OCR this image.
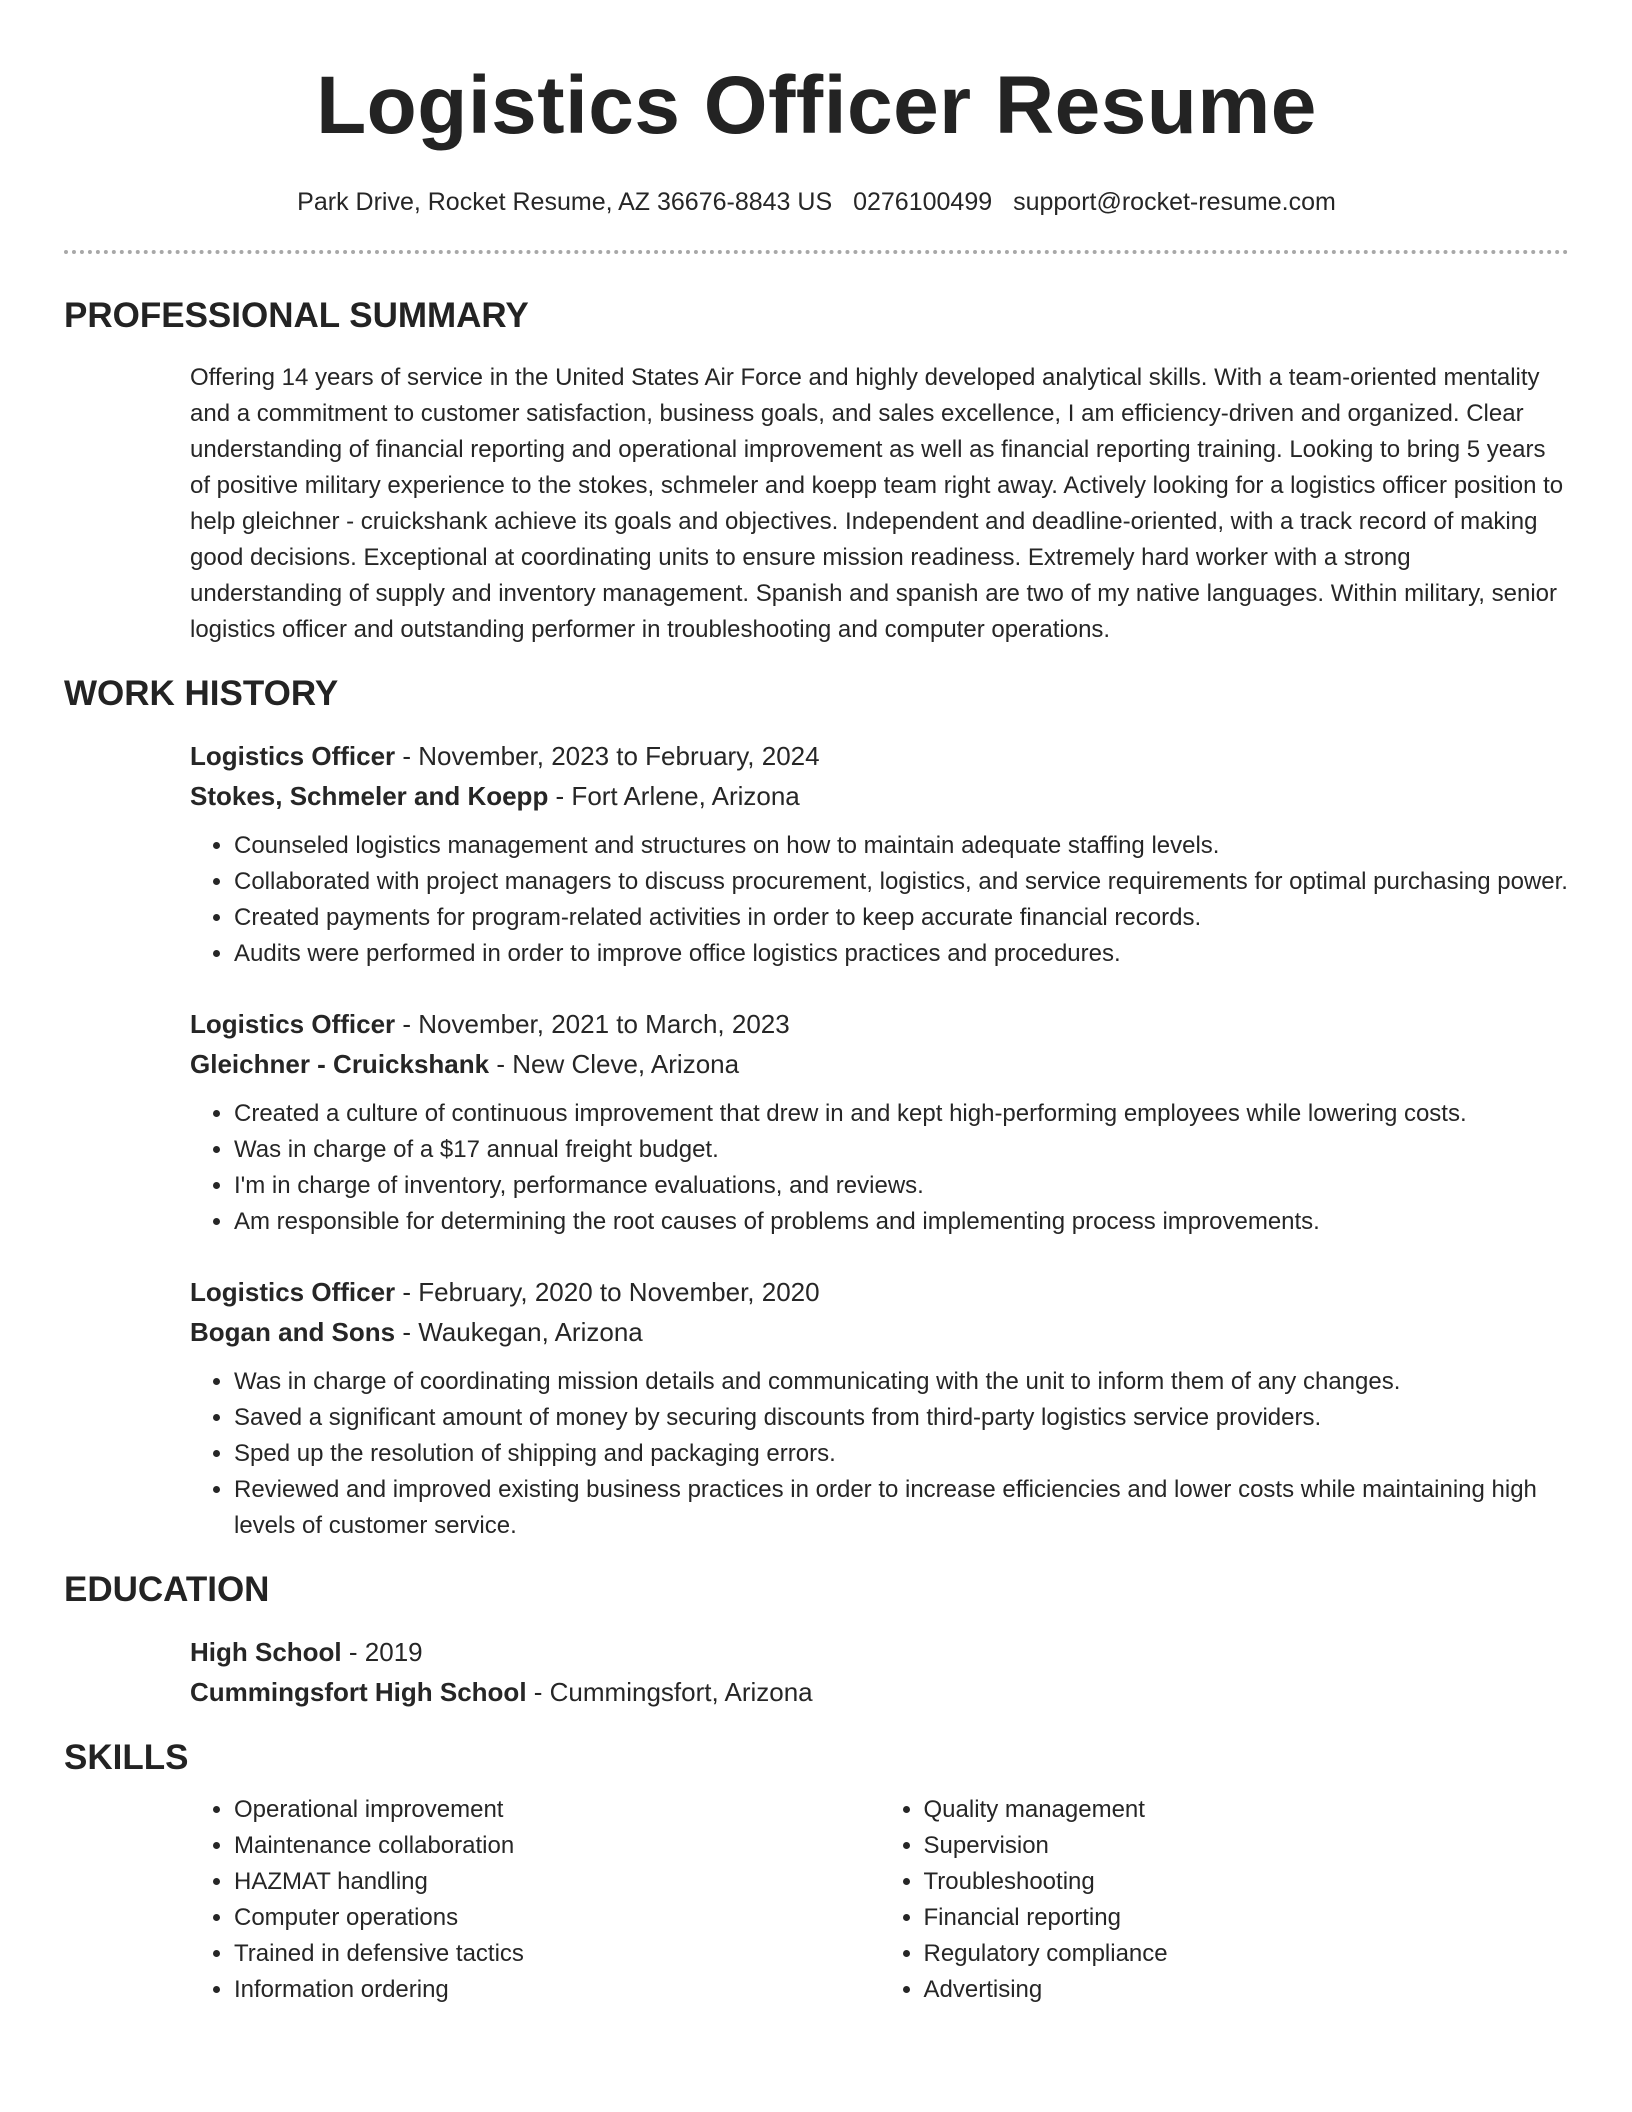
Logistics Officer Resume
Park Drive, Rocket Resume, AZ 36676-8843 US 0276100499 support@rocket-resume.com
PROFESSIONAL SUMMARY
Offering 14 years of service in the United States Air Force and highly developed analytical skills. With a team-oriented mentality and a commitment to customer satisfaction, business goals, and sales excellence, I am efficiency-driven and organized. Clear understanding of financial reporting and operational improvement as well as financial reporting training. Looking to bring 5 years of positive military experience to the stokes, schmeler and koepp team right away. Actively looking for a logistics officer position to help gleichner - cruickshank achieve its goals and objectives. Independent and deadline-oriented, with a track record of making good decisions. Exceptional at coordinating units to ensure mission readiness. Extremely hard worker with a strong understanding of supply and inventory management. Spanish and spanish are two of my native languages. Within military, senior logistics officer and outstanding performer in troubleshooting and computer operations.
WORK HISTORY
Logistics Officer - November, 2023 to February, 2024
Stokes, Schmeler and Koepp - Fort Arlene, Arizona
• Counseled logistics management and structures on how to maintain adequate staffing levels.
• Collaborated with project managers to discuss procurement, logistics, and service requirements for optimal purchasing power.
• Created payments for program-related activities in order to keep accurate financial records.
• Audits were performed in order to improve office logistics practices and procedures.
Logistics Officer - November, 2021 to March, 2023
Gleichner - Cruickshank - New Cleve, Arizona
• Created a culture of continuous improvement that drew in and kept high-performing employees while lowering costs.
• Was in charge of a $17 annual freight budget.
• I'm in charge of inventory, performance evaluations, and reviews.
• Am responsible for determining the root causes of problems and implementing process improvements.
Logistics Officer - February, 2020 to November, 2020
Bogan and Sons - Waukegan, Arizona
• Was in charge of coordinating mission details and communicating with the unit to inform them of any changes.
• Saved a significant amount of money by securing discounts from third-party logistics service providers.
• Sped up the resolution of shipping and packaging errors.
• Reviewed and improved existing business practices in order to increase efficiencies and lower costs while maintaining high levels of customer service.
EDUCATION
High School - 2019
Cummingsfort High School - Cummingsfort, Arizona
SKILLS
• Operational improvement
• Maintenance collaboration
• HAZMAT handling
• Computer operations
• Trained in defensive tactics
• Information ordering
• Quality management
• Supervision
• Troubleshooting
• Financial reporting
• Regulatory compliance
• Advertising
